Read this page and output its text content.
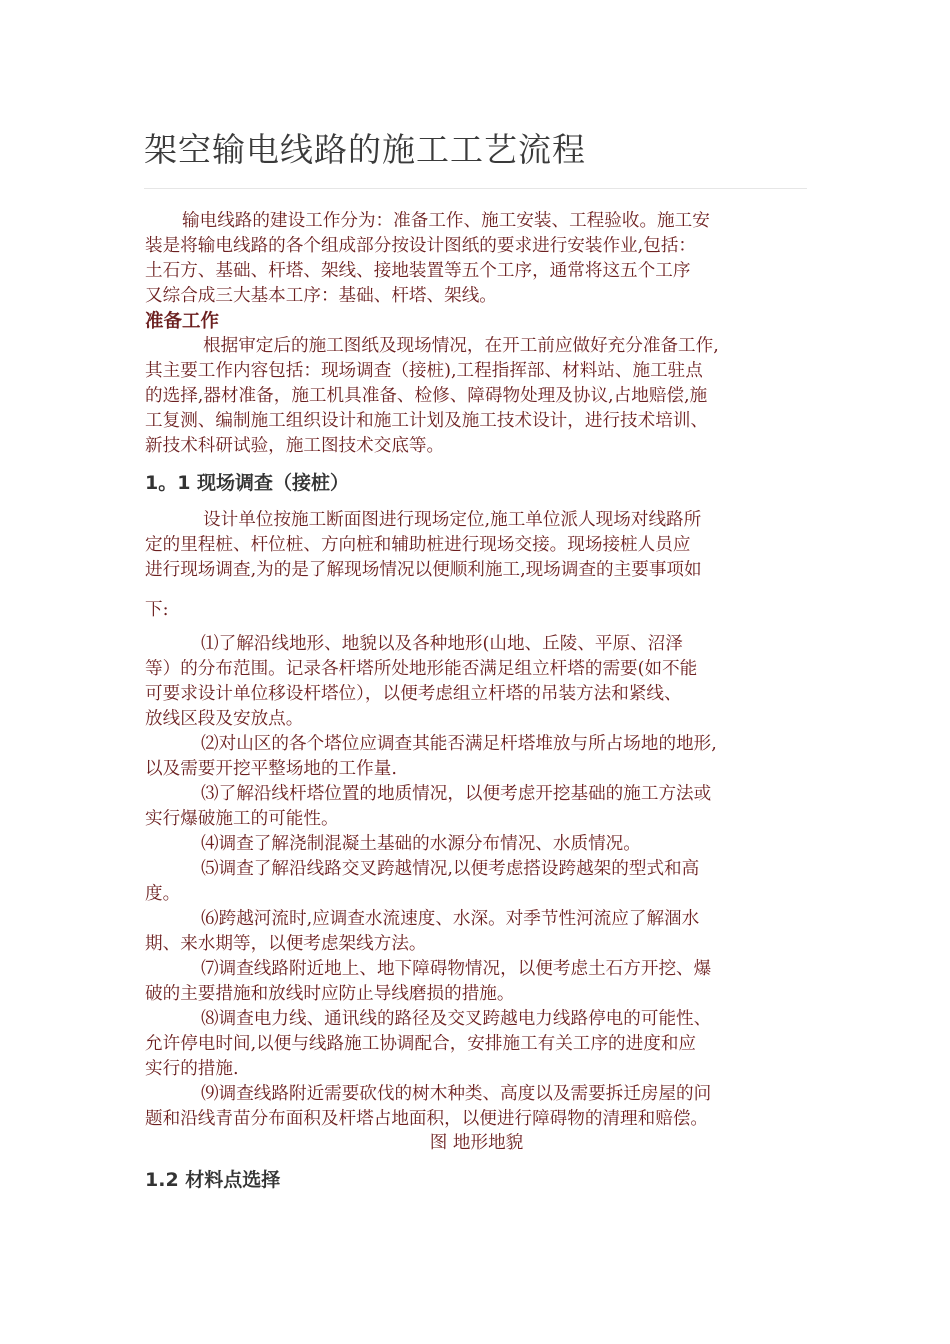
架空输电线路的施工工艺流程

输电线路的建设工作分为：准备工作、施工安装、工程验收。施工安
装是将输电线路的各个组成部分按设计图纸的要求进行安装作业,包括：
土石方、基础、杆塔、架线、接地装置等五个工序，通常将这五个工序
又综合成三大基本工序：基础、杆塔、架线。

准备工作

根据审定后的施工图纸及现场情况，在开工前应做好充分准备工作,
其主要工作内容包括：现场调查（接桩),工程指挥部、材料站、施工驻点
的选择,器材准备，施工机具准备、检修、障碍物处理及协议,占地赔偿,施
工复测、编制施工组织设计和施工计划及施工技术设计，进行技术培训、
新技术科研试验，施工图技术交底等。

1。1 现场调查（接桩）

设计单位按施工断面图进行现场定位,施工单位派人现场对线路所
定的里程桩、杆位桩、方向桩和辅助桩进行现场交接。现场接桩人员应
进行现场调查,为的是了解现场情况以便顺利施工,现场调查的主要事项如

下:

⑴了解沿线地形、地貌以及各种地形(山地、丘陵、平原、沼泽
等）的分布范围。记录各杆塔所处地形能否满足组立杆塔的需要(如不能
可要求设计单位移设杆塔位），以便考虑组立杆塔的吊装方法和紧线、
放线区段及安放点。

⑵对山区的各个塔位应调查其能否满足杆塔堆放与所占场地的地形,
以及需要开挖平整场地的工作量.

⑶了解沿线杆塔位置的地质情况，以便考虑开挖基础的施工方法或
实行爆破施工的可能性。

⑷调查了解浇制混凝土基础的水源分布情况、水质情况。

⑸调查了解沿线路交叉跨越情况,以便考虑搭设跨越架的型式和高
度。

⑹跨越河流时,应调查水流速度、水深。对季节性河流应了解涸水
期、来水期等，以便考虑架线方法。

⑺调查线路附近地上、地下障碍物情况，以便考虑土石方开挖、爆
破的主要措施和放线时应防止导线磨损的措施。

⑻调查电力线、通讯线的路径及交叉跨越电力线路停电的可能性、
允许停电时间,以便与线路施工协调配合，安排施工有关工序的进度和应
实行的措施.

⑼调查线路附近需要砍伐的树木种类、高度以及需要拆迁房屋的问
题和沿线青苗分布面积及杆塔占地面积，以便进行障碍物的清理和赔偿。

图 地形地貌
1.2 材料点选择
